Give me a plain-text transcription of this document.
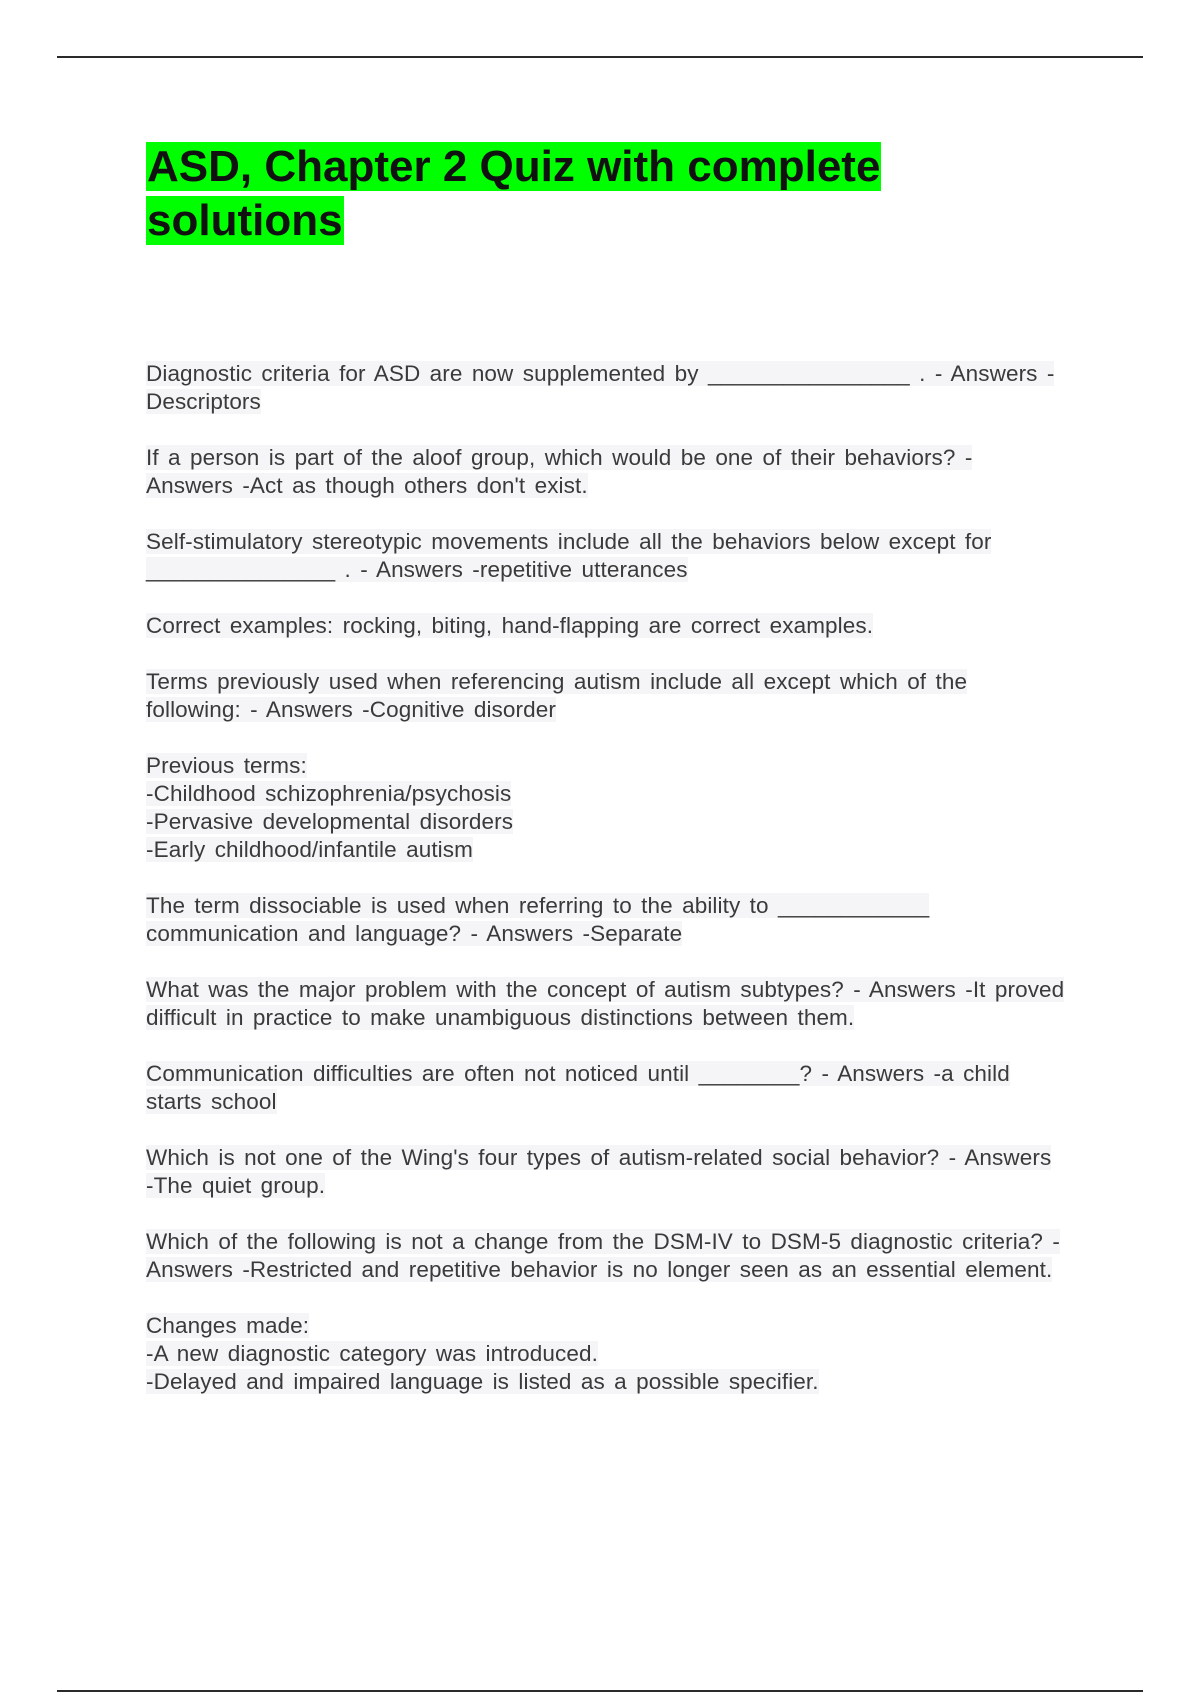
ASD, Chapter 2 Quiz with complete solutions

Diagnostic criteria for ASD are now supplemented by ________________ . - Answers -Descriptors

If a person is part of the aloof group, which would be one of their behaviors? - Answers -Act as though others don't exist.

Self-stimulatory stereotypic movements include all the behaviors below except for _______________ . - Answers -repetitive utterances

Correct examples: rocking, biting, hand-flapping are correct examples.

Terms previously used when referencing autism include all except which of the following: - Answers -Cognitive disorder

Previous terms:
-Childhood schizophrenia/psychosis
-Pervasive developmental disorders
-Early childhood/infantile autism

The term dissociable is used when referring to the ability to ____________ communication and language? - Answers -Separate

What was the major problem with the concept of autism subtypes? - Answers -It proved difficult in practice to make unambiguous distinctions between them.

Communication difficulties are often not noticed until ________? - Answers -a child starts school

Which is not one of the Wing's four types of autism-related social behavior? - Answers -The quiet group.

Which of the following is not a change from the DSM-IV to DSM-5 diagnostic criteria? - Answers -Restricted and repetitive behavior is no longer seen as an essential element.

Changes made:
-A new diagnostic category was introduced.
-Delayed and impaired language is listed as a possible specifier.
